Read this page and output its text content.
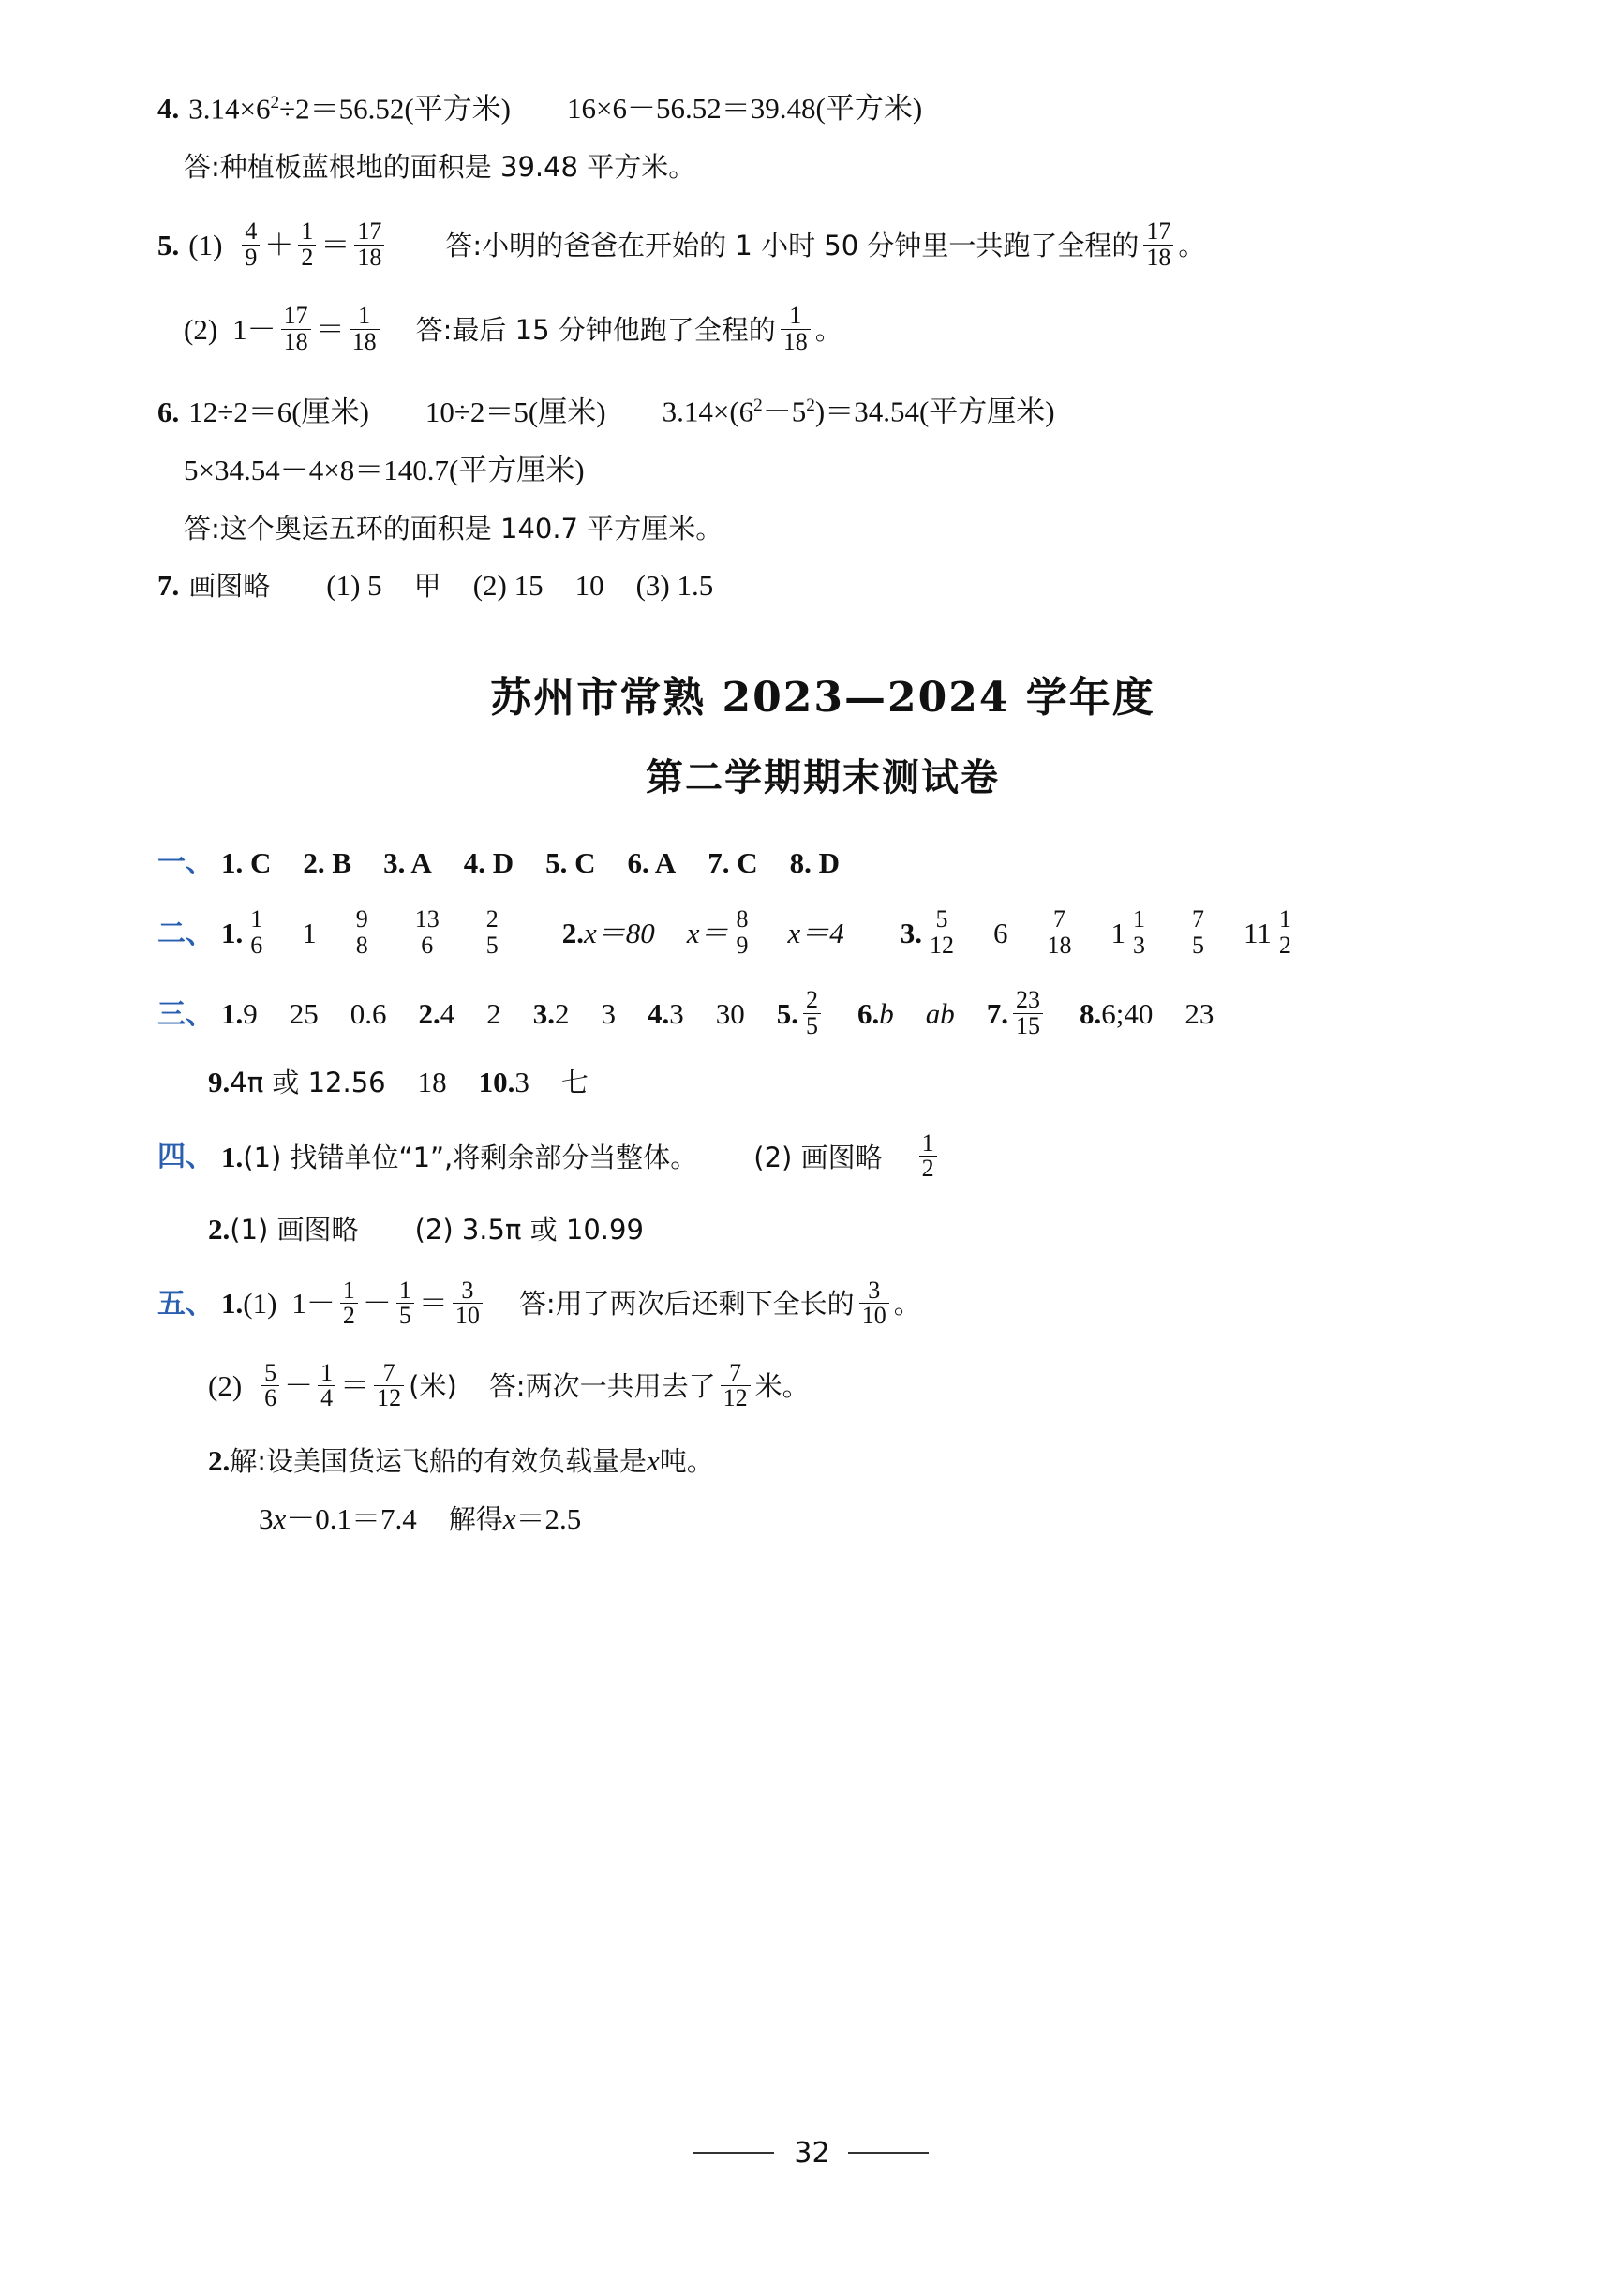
4. $3.14\times 6^2\div 2=56.52$(平方米) 16×6－56.52＝39.48(平方米)
答:种植板蓝根地的面积是 39.48 平方米。
5. $(1) \frac{4}{9} + \frac{1}{2} = \frac{17}{18}$ 答:小明的爸爸在开始的 1 小时 50 分钟里一共跑了全程的 $\frac{17}{18}$ 。
(2) $1- \frac{17}{18} = \frac{1}{18}$ 答:最后 15 分钟他跑了全程的 $\frac{1}{18}$ 。
6. 12÷2＝6(厘米) 10÷2＝5(厘米) $3.14\times(6^2-5^2)=34.54$(平方厘米)
5×34.54－4×8＝140.7(平方厘米)
答:这个奥运五环的面积是 140.7 平方厘米。
7. 画图略 (1) 5 甲 (2) 15 10 (3) 1.5
苏州市常熟 2023—2024 学年度
第二学期期末测试卷
一、 1. C 2. B 3. A 4. D 5. C 6. A 7. C 8. D
二、 1. $\frac{1}{6} 1 \frac{9}{8} \frac{13}{6} \frac{2}{5} 2$. x＝80 $x= \frac{8}{9} x=4$ 3. $\frac{5}{12} 6 \frac{7}{18} 1 \frac{1}{3} \frac{7}{5} 11 \frac{1}{2}$
三、 1. 9 25 0.6 2. 4 2 3. 2 3 4. 3 30 5. $\frac{2}{5} 6$. b ab 7. $\frac{23}{15} 8$. 6;40 23
9. 4π 或 12.56 18 10. 3 七
四、 1. (1) 找错单位“1”,将剩余部分当整体。 (2) 画图略 $\frac{1}{2}$
2. (1) 画图略 (2) 3.5π 或 10.99
五、 1. (1) $1- \frac{1}{2} - \frac{1}{5} = \frac{3}{10}$ 答:用了两次后还剩下全长的 $\frac{3}{10}$ 。
$(2) \frac{5}{6} - \frac{1}{4} = \frac{7}{12}$ (米) 答:两次一共用去了 $\frac{7}{12}$ 米。
2. 解:设美国货运飞船的有效负载量是 x 吨。
3 x －0.1＝7.4 解得 x ＝2.5
32
